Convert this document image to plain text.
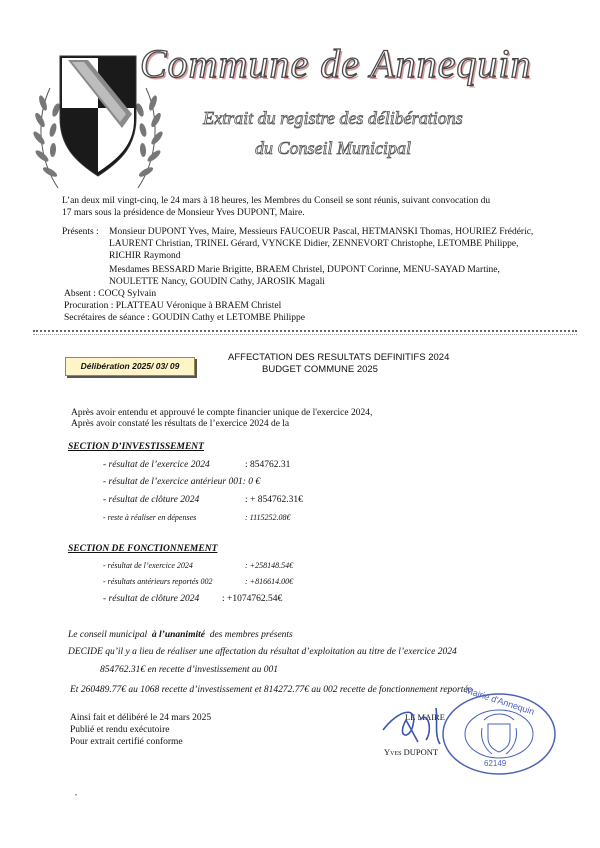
Commune de Annequin
Extrait du registre des délibérations
du Conseil Municipal
L’an deux mil vingt-cinq, le 24 mars à 18 heures, les Membres du Conseil se sont réunis, suivant convocation du
17 mars sous la présidence de Monsieur Yves DUPONT, Maire.
Présents : Monsieur DUPONT Yves, Maire, Messieurs FAUCOEUR Pascal, HETMANSKI Thomas, HOURIEZ Frédéric,
LAURENT Christian, TRINEL Gérard, VYNCKE Didier, ZENNEVORT Christophe, LETOMBE Philippe,
RICHIR Raymond
Mesdames BESSARD Marie Brigitte, BRAEM Christel, DUPONT Corinne, MENU-SAYAD Martine,
NOULETTE Nancy, GOUDIN Cathy, JAROSIK Magali
Absent : COCQ Sylvain
Procuration : PLATTEAU Véronique à BRAEM Christel
Secrétaires de séance : GOUDIN Cathy et LETOMBE Philippe
Délibération 2025/ 03/ 09
AFFECTATION DES RESULTATS DEFINITIFS 2024
BUDGET COMMUNE 2025
Après avoir entendu et approuvé le compte financier unique de l'exercice 2024,
Après avoir constaté les résultats de l’exercice 2024 de la
SECTION D’INVESTISSEMENT
- résultat de l’exercice 2024	: 854762.31
- résultat de l’exercice antérieur 001: 0 €
- résultat de clôture 2024	: + 854762.31€
- reste à réaliser en dépenses	: 1115252.08€
SECTION DE FONCTIONNEMENT
- résultat de l’exercice 2024	: +258148.54€
- résultats antérieurs reportés 002	: +816614.00€
- résultat de clôture 2024 : +1074762.54€
Le conseil municipal à l’unanimité des membres présents
DECIDE qu’il y a lieu de réaliser une affectation du résultat d’exploitation au titre de l’exercice 2024
854762.31€ en recette d’investissement au 001
Et 260489.77€ au 1068 recette d’investissement et 814272.77€ au 002 recette de fonctionnement reportée
Ainsi fait et délibéré le 24 mars 2025
Publié et rendu exécutoire
Pour extrait certifié conforme
LE MAIRE
Yves DUPONT
Mairie d'Annequin
62149
•
